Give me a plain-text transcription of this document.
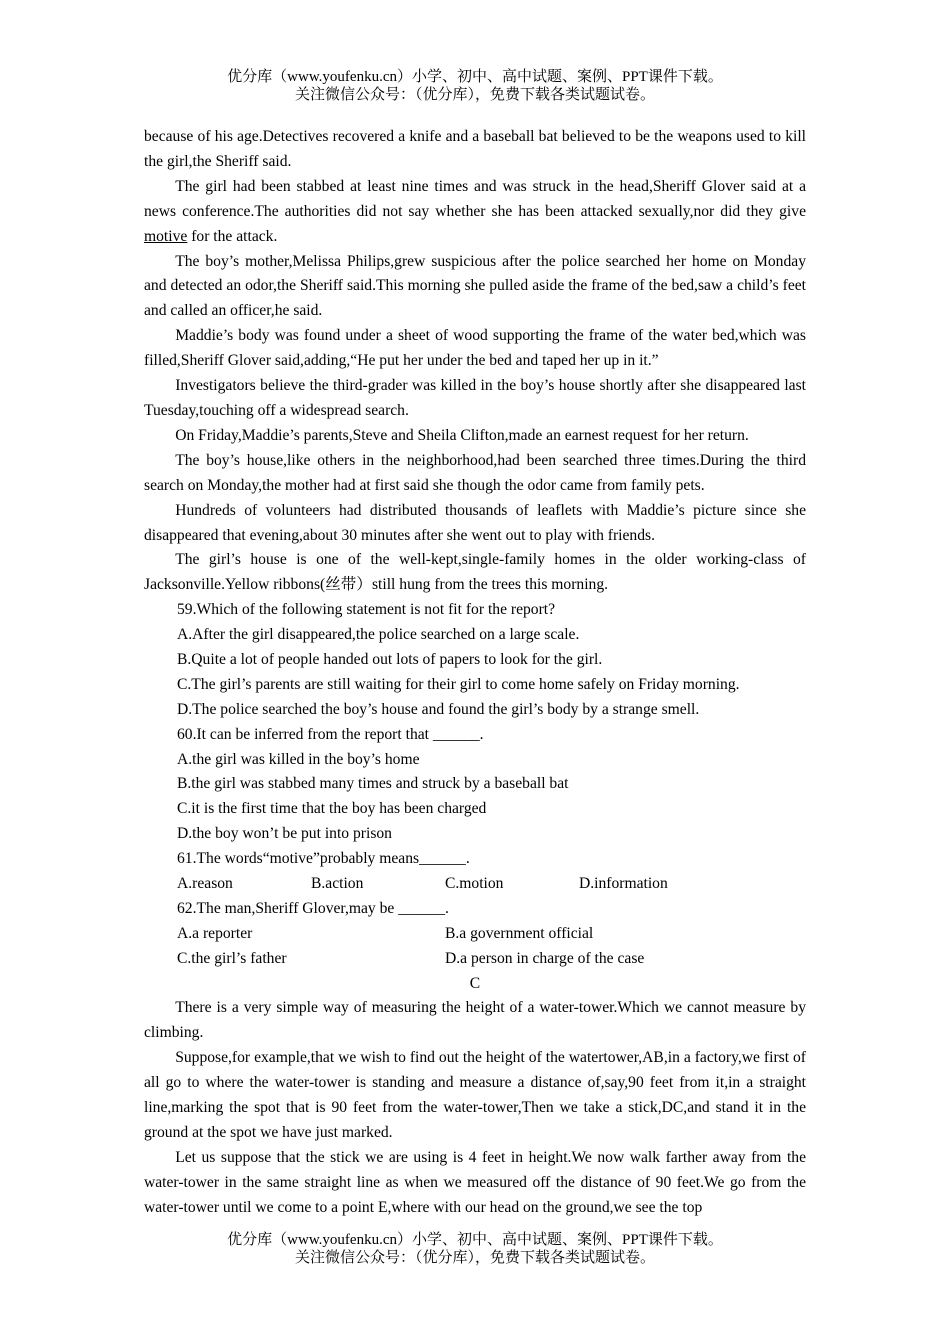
优分库（www.youfenku.cn）小学、初中、高中试题、案例、PPT课件下载。
关注微信公众号：（优分库），免费下载各类试题试卷。

because of his age.Detectives recovered a knife and a baseball bat believed to be the weapons used to kill the girl,the Sheriff said.

The girl had been stabbed at least nine times and was struck in the head,Sheriff Glover said at a news conference.The authorities did not say whether she has been attacked sexually,nor did they give motive for the attack.

The boy’s mother,Melissa Philips,grew suspicious after the police searched her home on Monday and detected an odor,the Sheriff said.This morning she pulled aside the frame of the bed,saw a child’s feet and called an officer,he said.

Maddie’s body was found under a sheet of wood supporting the frame of the water bed,which was filled,Sheriff Glover said,adding,“He put her under the bed and taped her up in it.”

Investigators believe the third-grader was killed in the boy’s house shortly after she disappeared last Tuesday,touching off a widespread search.

On Friday,Maddie’s parents,Steve and Sheila Clifton,made an earnest request for her return.

The boy’s house,like others in the neighborhood,had been searched three times.During the third search on Monday,the mother had at first said she though the odor came from family pets.

Hundreds of volunteers had distributed thousands of leaflets with Maddie’s picture since she disappeared that evening,about 30 minutes after she went out to play with friends.

The girl’s house is one of the well-kept,single-family homes in the older working-class of Jacksonville.Yellow ribbons(丝带）still hung from the trees this morning.

59.Which of the following statement is not fit for the report?
A.After the girl disappeared,the police searched on a large scale.
B.Quite a lot of people handed out lots of papers to look for the girl.
C.The girl’s parents are still waiting for their girl to come home safely on Friday morning.
D.The police searched the boy’s house and found the girl’s body by a strange smell.
60.It can be inferred from the report that ______.
A.the girl was killed in the boy’s home
B.the girl was stabbed many times and struck by a baseball bat
C.it is the first time that the boy has been charged
D.the boy won’t be put into prison
61.The words“motive”probably means______.
A.reason	B.action	C.motion	D.information
62.The man,Sheriff Glover,may be ______.
A.a reporter	B.a government official
C.the girl’s father	D.a person in charge of the case
C

There is a very simple way of measuring the height of a water-tower.Which we cannot measure by climbing.

Suppose,for example,that we wish to find out the height of the watertower,AB,in a factory,we first of all go to where the water-tower is standing and measure a distance of,say,90 feet from it,in a straight line,marking the spot that is 90 feet from the water-tower,Then we take a stick,DC,and stand it in the ground at the spot we have just marked.

Let us suppose that the stick we are using is 4 feet in height.We now walk farther away from the water-tower in the same straight line as when we measured off the distance of 90 feet.We go from the water-tower until we come to a point E,where with our head on the ground,we see the top

优分库（www.youfenku.cn）小学、初中、高中试题、案例、PPT课件下载。
关注微信公众号：（优分库），免费下载各类试题试卷。
